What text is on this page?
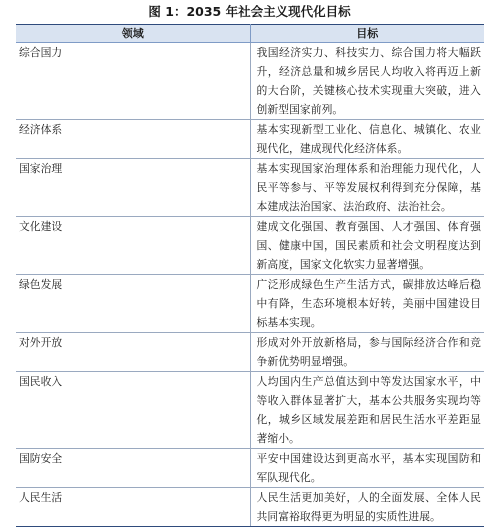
图 1：2035 年社会主义现代化目标
领域	目标
综合国力	我国经济实力、科技实力、综合国力将大幅跃升，经济总量和城乡居民人均收入将再迈上新的大台阶，关键核心技术实现重大突破，进入创新型国家前列。
经济体系	基本实现新型工业化、信息化、城镇化、农业现代化，建成现代化经济体系。
国家治理	基本实现国家治理体系和治理能力现代化，人民平等参与、平等发展权利得到充分保障，基本建成法治国家、法治政府、法治社会。
文化建设	建成文化强国、教育强国、人才强国、体育强国、健康中国，国民素质和社会文明程度达到新高度，国家文化软实力显著增强。
绿色发展	广泛形成绿色生产生活方式，碳排放达峰后稳中有降，生态环境根本好转，美丽中国建设目标基本实现。
对外开放	形成对外开放新格局，参与国际经济合作和竞争新优势明显增强。
国民收入	人均国内生产总值达到中等发达国家水平，中等收入群体显著扩大，基本公共服务实现均等化，城乡区域发展差距和居民生活水平差距显著缩小。
国防安全	平安中国建设达到更高水平，基本实现国防和军队现代化。
人民生活	人民生活更加美好，人的全面发展、全体人民共同富裕取得更为明显的实质性进展。
